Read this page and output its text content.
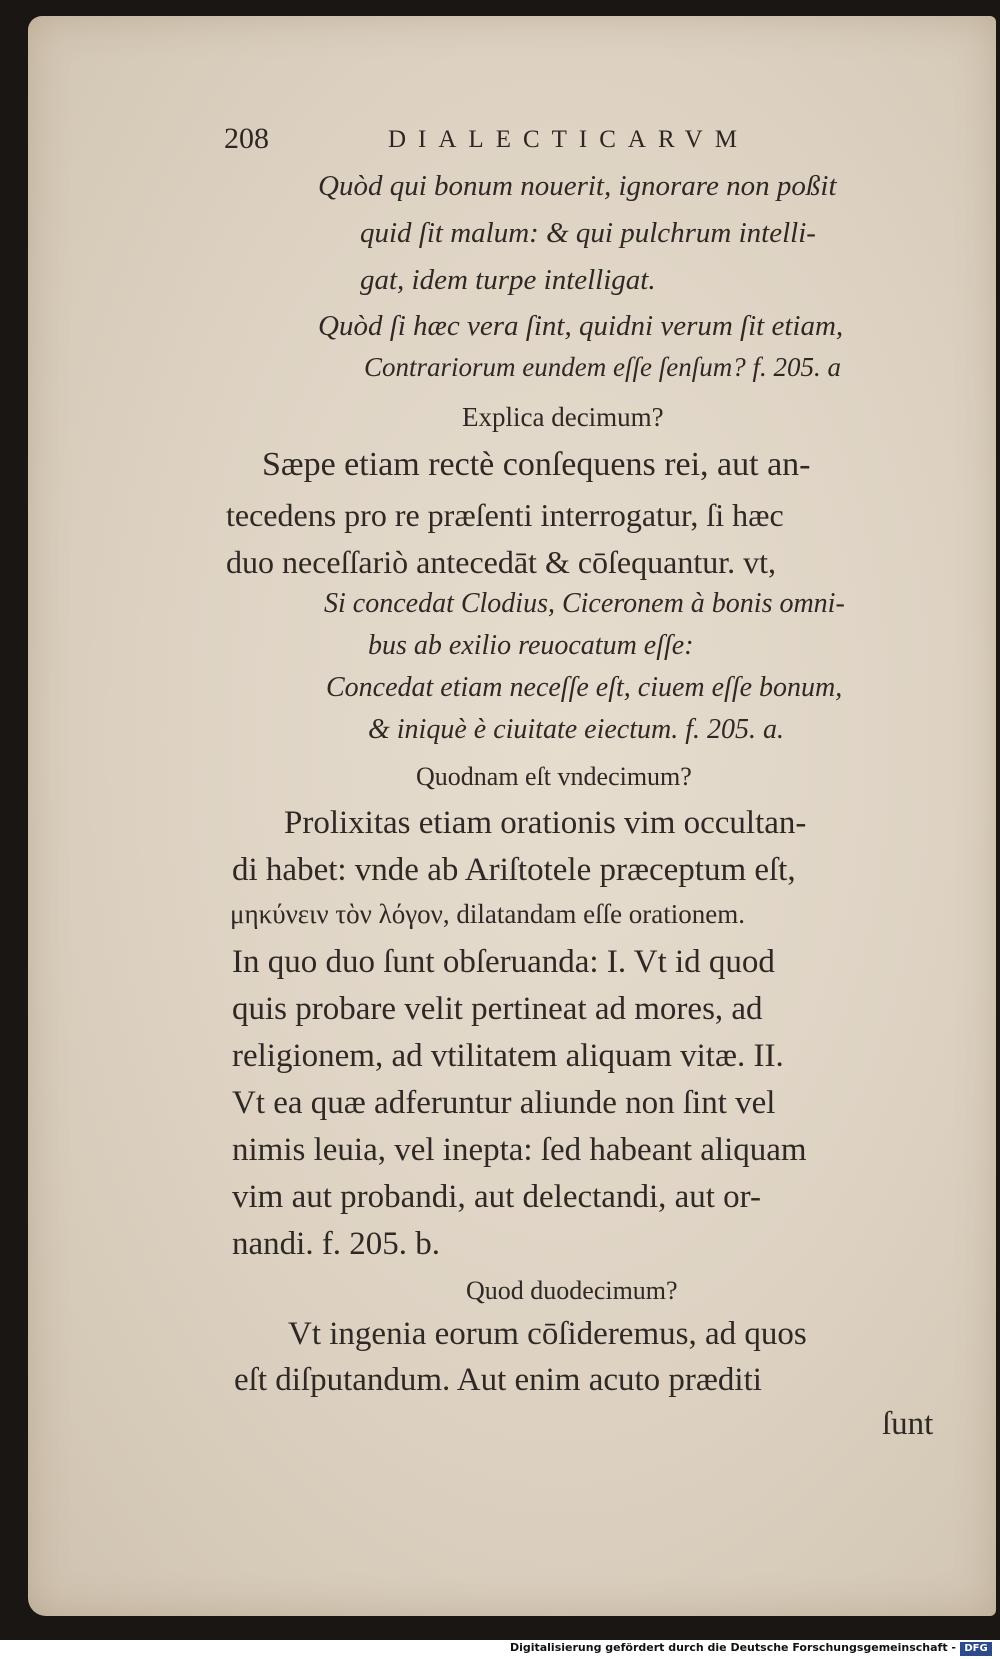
208	DIALECTICARVM
Quòd qui bonum nouerit, ignorare non poßit
quid ſit malum: & qui pulchrum intelli-
gat, idem turpe intelligat.
Quòd ſi hæc vera ſint, quidni verum ſit etiam,
Contrariorum eundem eſſe ſenſum? f. 205. a
Explica decimum?
Sæpe etiam rectè conſequens rei, aut an-
tecedens pro re præſenti interrogatur, ſi hæc
duo neceſſariò antecedāt & cōſequantur. vt,
Si concedat Clodius, Ciceronem à bonis omni-
bus ab exilio reuocatum eſſe:
Concedat etiam neceſſe eſt, ciuem eſſe bonum,
& iniquè è ciuitate eiectum. f. 205. a.
Quodnam eſt vndecimum?
Prolixitas etiam orationis vim occultan-
di habet: vnde ab Ariſtotele præceptum eſt,
μηκύνειν τὸν λόγον, dilatandam eſſe orationem.
In quo duo ſunt obſeruanda: I. Vt id quod
quis probare velit pertineat ad mores, ad
religionem, ad vtilitatem aliquam vitæ. II.
Vt ea quæ adferuntur aliunde non ſint vel
nimis leuia, vel inepta: ſed habeant aliquam
vim aut probandi, aut delectandi, aut or-
nandi. f. 205. b.
Quod duodecimum?
Vt ingenia eorum cōſideremus, ad quos
eſt diſputandum. Aut enim acuto præditi
ſunt
Digitalisierung gefördert durch die Deutsche Forschungsgemeinschaft - DFG
